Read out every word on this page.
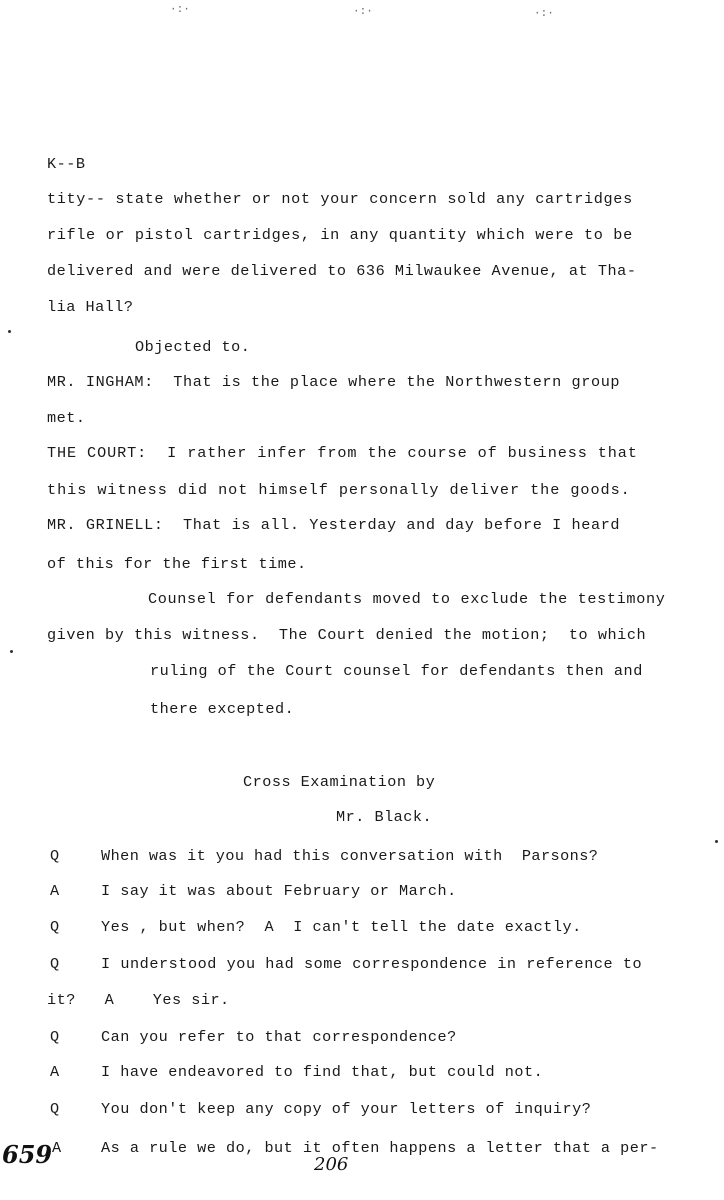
·:·	·:·	·:·
K--B
tity-- state whether or not your concern sold any cartridges
rifle or pistol cartridges, in any quantity which were to be
delivered and were delivered to 636 Milwaukee Avenue, at Tha-
lia Hall?
Objected to.
MR. INGHAM:  That is the place where the Northwestern group
met.
THE COURT:  I rather infer from the course of business that
this witness did not himself personally deliver the goods.
MR. GRINELL:  That is all. Yesterday and day before I heard
of this for the first time.
Counsel for defendants moved to exclude the testimony
given by this witness.  The Court denied the motion;  to which
ruling of the Court counsel for defendants then and
there excepted.
Cross Examination by
Mr. Black.
Q	When was it you had this conversation with  Parsons?
A	I say it was about February or March.
Q	Yes , but when?  A  I can't tell the date exactly.
Q	I understood you had some correspondence in reference to
it?   A    Yes sir.
Q	Can you refer to that correspondence?
A	I have endeavored to find that, but could not.
Q	You don't keep any copy of your letters of inquiry?
A	As a rule we do, but it often happens a letter that a per-
659	206
